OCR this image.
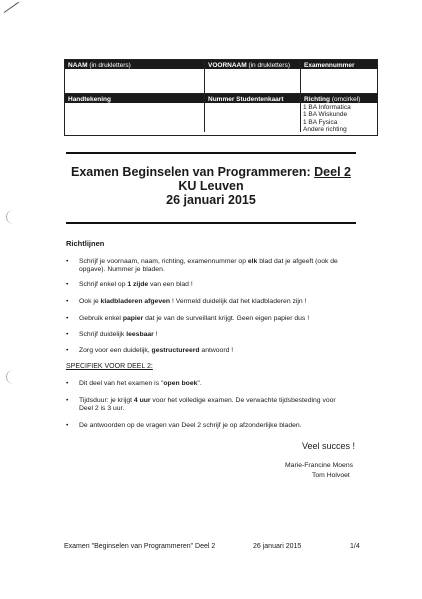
NAAM (in drukletters)	VOORNAAM (in drukletters)	Examennummer
Handtekening	Nummer Studentenkaart	Richting (omcirkel)
1 BA Informatica
1 BA Wiskunde
1 BA Fysica
Andere richting
Examen Beginselen van Programmeren: Deel 2
KU Leuven
26 januari 2015
Richtlijnen
• Schrijf je voornaam, naam, richting, examennummer op elk blad dat je afgeeft (ook de opgave). Nummer je bladen.
• Schrijf enkel op 1 zijde van een blad !
• Ook je kladbladeren afgeven ! Vermeld duidelijk dat het kladbladeren zijn !
• Gebruik enkel papier dat je van de surveillant krijgt. Geen eigen papier dus !
• Schrijf duidelijk leesbaar !
• Zorg voor een duidelijk, gestructureerd antwoord !
SPECIFIEK VOOR DEEL 2:
• Dit deel van het examen is "open boek".
• Tijdsduur: je krijgt 4 uur voor het volledige examen. De verwachte tijdsbesteding voor Deel 2 is 3 uur.
• De antwoorden op de vragen van Deel 2 schrijf je op afzonderlijke bladen.
Veel succes !
Marie-Francine Moens
Tom Holvoet
Examen "Beginselen van Programmeren" Deel 2	26 januari 2015	1/4
